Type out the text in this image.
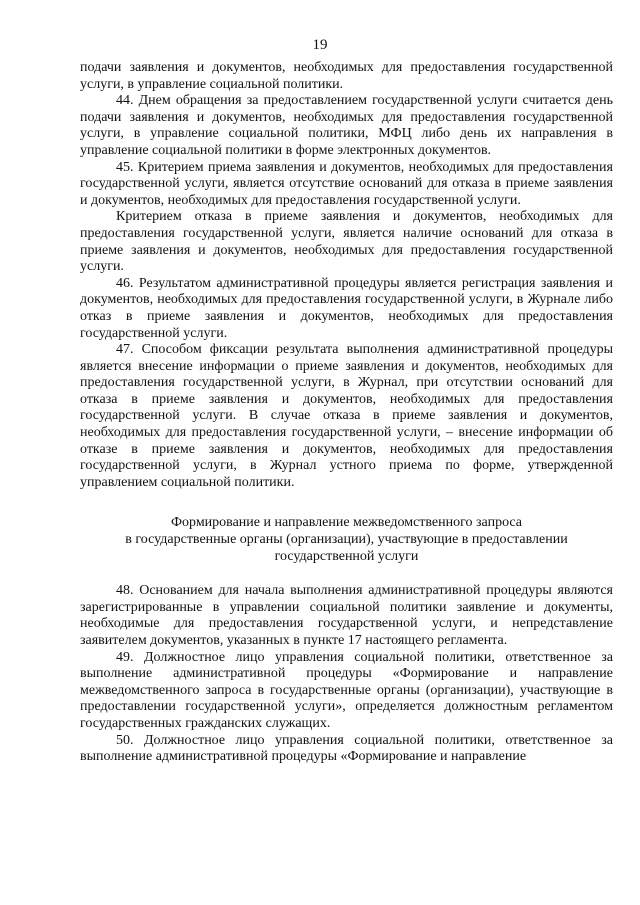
19

подачи заявления и документов, необходимых для предоставления государственной услуги, в управление социальной политики.

44. Днем обращения за предоставлением государственной услуги считается день подачи заявления и документов, необходимых для предоставления государственной услуги, в управление социальной политики, МФЦ либо день их направления в управление социальной политики в форме электронных документов.

45. Критерием приема заявления и документов, необходимых для предоставления государственной услуги, является отсутствие оснований для отказа в приеме заявления и документов, необходимых для предоставления государственной услуги.

Критерием отказа в приеме заявления и документов, необходимых для предоставления государственной услуги, является наличие оснований для отказа в приеме заявления и документов, необходимых для предоставления государственной услуги.

46. Результатом административной процедуры является регистрация заявления и документов, необходимых для предоставления государственной услуги, в Журнале либо отказ в приеме заявления и документов, необходимых для предоставления государственной услуги.

47. Способом фиксации результата выполнения административной процедуры является внесение информации о приеме заявления и документов, необходимых для предоставления государственной услуги, в Журнал, при отсутствии оснований для отказа в приеме заявления и документов, необходимых для предоставления государственной услуги. В случае отказа в приеме заявления и документов, необходимых для предоставления государственной услуги, – внесение информации об отказе в приеме заявления и документов, необходимых для предоставления государственной услуги, в Журнал устного приема по форме, утвержденной управлением социальной политики.

Формирование и направление межведомственного запроса
в государственные органы (организации), участвующие в предоставлении
государственной услуги

48. Основанием для начала выполнения административной процедуры являются зарегистрированные в управлении социальной политики заявление и документы, необходимые для предоставления государственной услуги, и непредставление заявителем документов, указанных в пункте 17 настоящего регламента.

49. Должностное лицо управления социальной политики, ответственное за выполнение административной процедуры «Формирование и направление межведомственного запроса в государственные органы (организации), участвующие в предоставлении государственной услуги», определяется должностным регламентом государственных гражданских служащих.

50. Должностное лицо управления социальной политики, ответственное за выполнение административной процедуры «Формирование и направление
